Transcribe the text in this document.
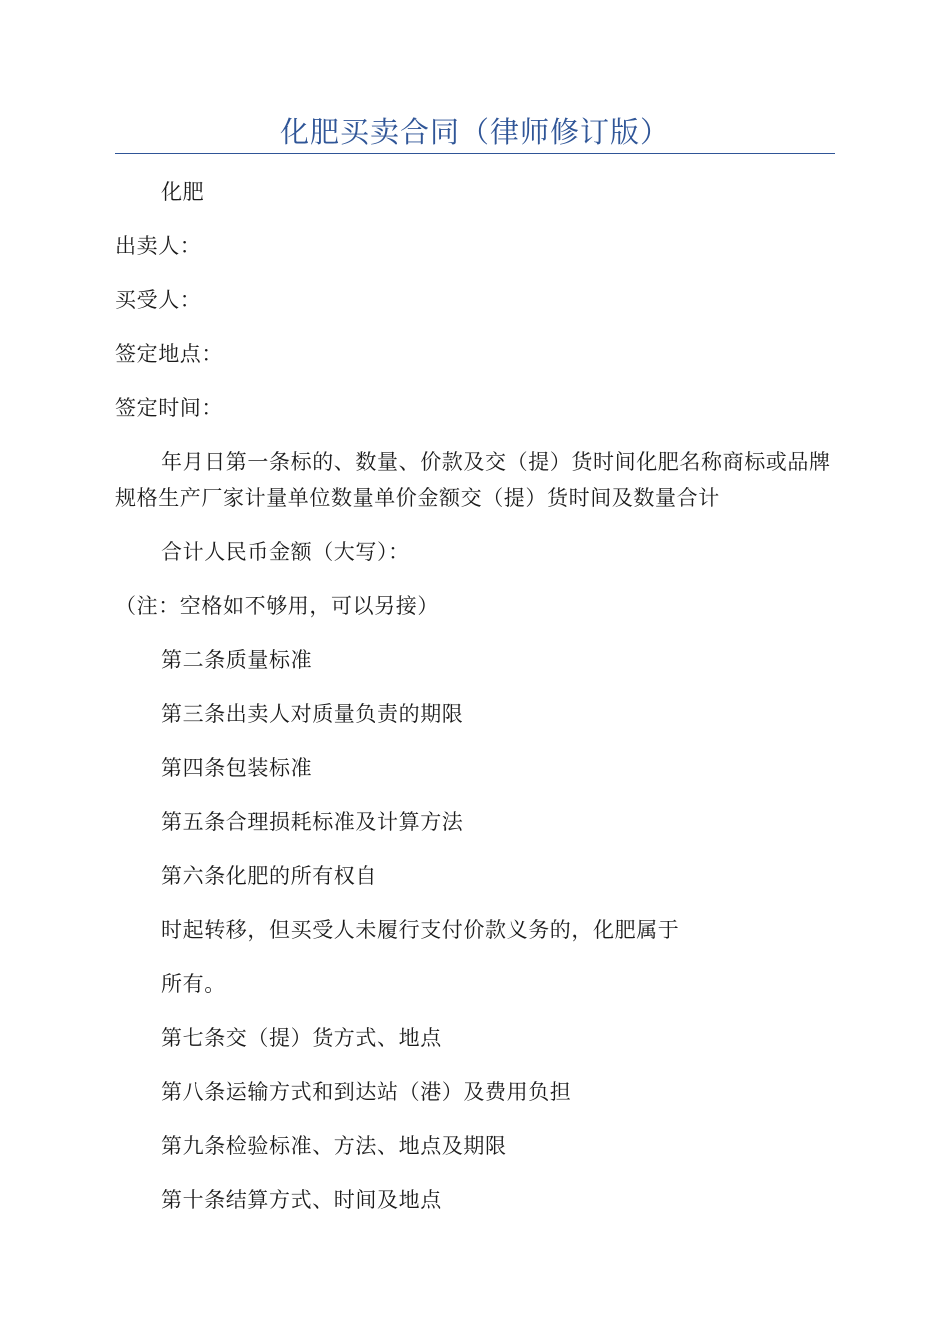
化肥买卖合同（律师修订版）

化肥

出卖人：

买受人：

签定地点：

签定时间：

年月日第一条标的、数量、价款及交（提）货时间化肥名称商标或品牌规格生产厂家计量单位数量单价金额交（提）货时间及数量合计

合计人民币金额（大写）：

（注：空格如不够用，可以另接）

第二条质量标准

第三条出卖人对质量负责的期限

第四条包装标准

第五条合理损耗标准及计算方法

第六条化肥的所有权自

时起转移，但买受人未履行支付价款义务的，化肥属于

所有。

第七条交（提）货方式、地点

第八条运输方式和到达站（港）及费用负担

第九条检验标准、方法、地点及期限

第十条结算方式、时间及地点
